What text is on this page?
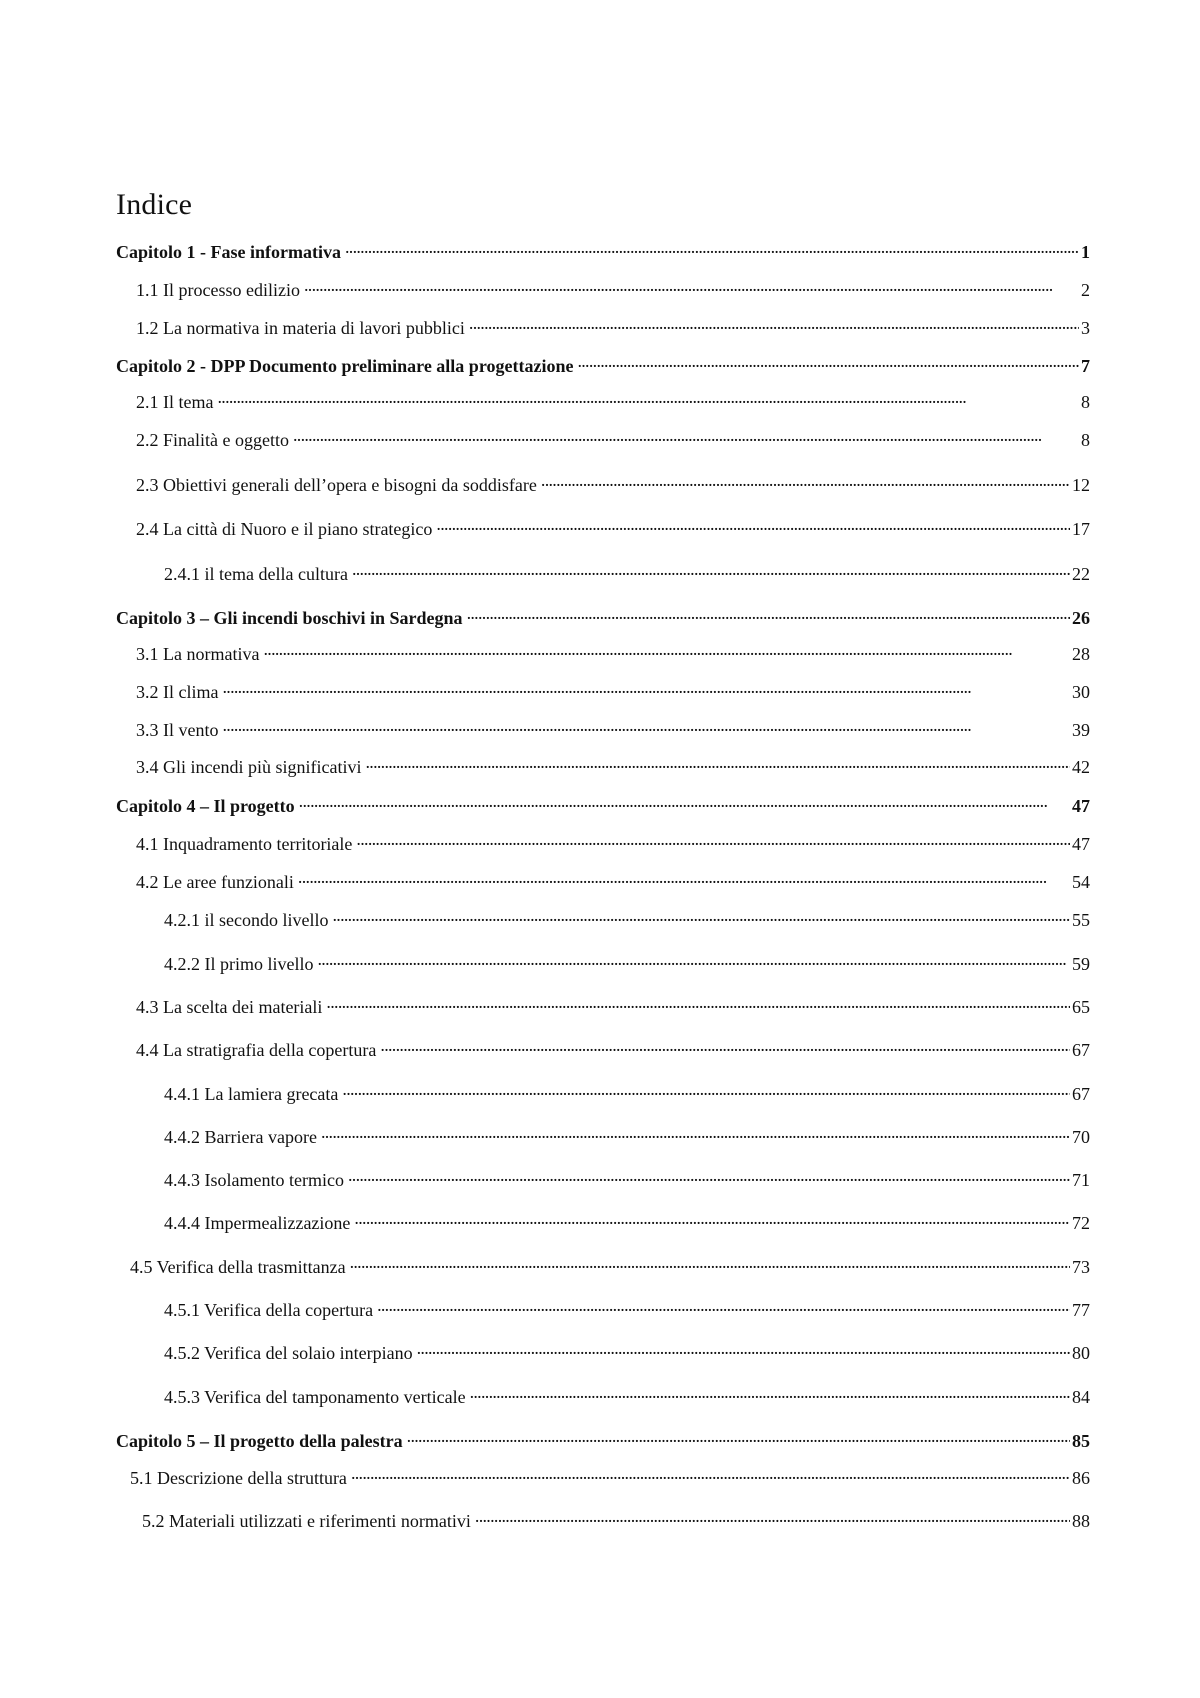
Indice
Capitolo 1 - Fase informativa . . .	1
1.1 Il processo edilizio . . .	2
1.2 La normativa in materia di lavori pubblici . . .	3
Capitolo 2 - DPP Documento preliminare alla progettazione . . .	7
2.1 Il tema . . .	8
2.2 Finalità e oggetto . . .	8
2.3 Obiettivi generali dell’opera e bisogni da soddisfare . . .	12
2.4 La città di Nuoro e il piano strategico . . .	17
2.4.1 il tema della cultura . . .	22
Capitolo 3 – Gli incendi boschivi in Sardegna . . .	26
3.1 La normativa . . .	28
3.2 Il clima . . .	30
3.3 Il vento . . .	39
3.4 Gli incendi più significativi . . .	42
Capitolo 4 – Il progetto . . .	47
4.1 Inquadramento territoriale . . .	47
4.2 Le aree funzionali . . .	54
4.2.1 il secondo livello . . .	55
4.2.2 Il primo livello . . .	59
4.3 La scelta dei materiali . . .	65
4.4 La stratigrafia della copertura . . .	67
4.4.1 La lamiera grecata . . .	67
4.4.2 Barriera vapore . . .	70
4.4.3 Isolamento termico . . .	71
4.4.4 Impermealizzazione . . .	72
4.5 Verifica della trasmittanza . . .	73
4.5.1 Verifica della copertura . . .	77
4.5.2 Verifica del solaio interpiano . . .	80
4.5.3 Verifica del tamponamento verticale . . .	84
Capitolo 5 – Il progetto della palestra . . .	85
5.1 Descrizione della struttura . . .	86
5.2 Materiali utilizzati e riferimenti normativi . . .	88
